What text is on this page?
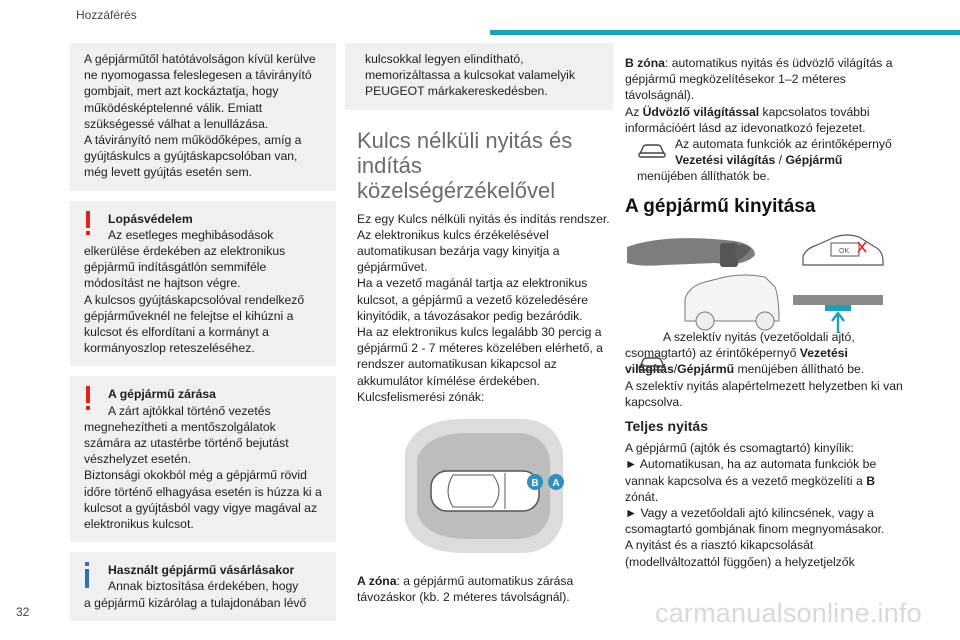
Hozzáférés

A gépjárműtől hatótávolságon kívül kerülve ne nyomogassa feleslegesen a távirányító gombjait, mert azt kockáztatja, hogy működésképtelenné válik. Emiatt szükségessé válhat a lenullázása.
A távirányító nem működőképes, amíg a gyújtáskulcs a gyújtáskapcsolóban van, még levett gyújtás esetén sem.

Lopásvédelem

Az esetleges meghibásodások

elkerülése érdekében az elektronikus gépjármű indításgátlón semmiféle módosítást ne hajtson végre.
A kulcsos gyújtáskapcsolóval rendelkező gépjárműveknél ne felejtse el kihúzni a kulcsot és elfordítani a kormányt a kormányoszlop reteszeléséhez.

A gépjármű zárása

A zárt ajtókkal történő vezetés

megnehezítheti a mentőszolgálatok számára az utastérbe történő bejutást vészhelyzet esetén.
Biztonsági okokból még a gépjármű rövid időre történő elhagyása esetén is húzza ki a kulcsot a gyújtásból vagy vigye magával az elektronikus kulcsot.

Használt gépjármű vásárlásakor

Annak biztosítása érdekében, hogy

a gépjármű kizárólag a tulajdonában lévő

kulcsokkal legyen elindítható, memorizáltassa a kulcsokat valamelyik PEUGEOT márkakereskedésben.

Kulcs nélküli nyitás és indítás közelségérzékelővel

Ez egy Kulcs nélküli nyitás és indítás rendszer.
Az elektronikus kulcs érzékelésével automatikusan bezárja vagy kinyitja a gépjárművet.
Ha a vezető magánál tartja az elektronikus kulcsot, a gépjármű a vezető közeledésére kinyitódik, a távozásakor pedig bezáródik.
Ha az elektronikus kulcs legalább 30 percig a gépjármű 2 - 7 méteres közelében elérhető, a rendszer automatikusan kikapcsol az akkumulátor kímélése érdekében.
Kulcsfelismerési zónák:

B A

A zóna: a gépjármű automatikus zárása távozáskor (kb. 2 méteres távolságnál).

B zóna: automatikus nyitás és üdvözlő világítás a gépjármű megközelítésekor 1–2 méteres távolságnál).

Az Üdvözlő világítással kapcsolatos további információért lásd az idevonatkozó fejezetet.

Az automata funkciók az érintőképernyő

Vezetési világítás / Gépjármű

menüjében állíthatók be.

A gépjármű kinyitása
OK

A szelektív nyitás (vezetőoldali ajtó, csomagtartó) az érintőképernyő Vezetési világítás/Gépjármű menüjében állítható be.

A szelektív nyitás alapértelmezett helyzetben ki van kapcsolva.

Teljes nyitás

A gépjármű (ajtók és csomagtartó) kinyílik:

► Automatikusan, ha az automata funkciók be vannak kapcsolva és a vezető megközelíti a B zónát.

► Vagy a vezetőoldali ajtó kilincsének, vagy a csomagtartó gombjának finom megnyomásakor.

A nyitást és a riasztó kikapcsolását (modellváltozattól függően) a helyzetjelzők

32	carmanualsonline.info
